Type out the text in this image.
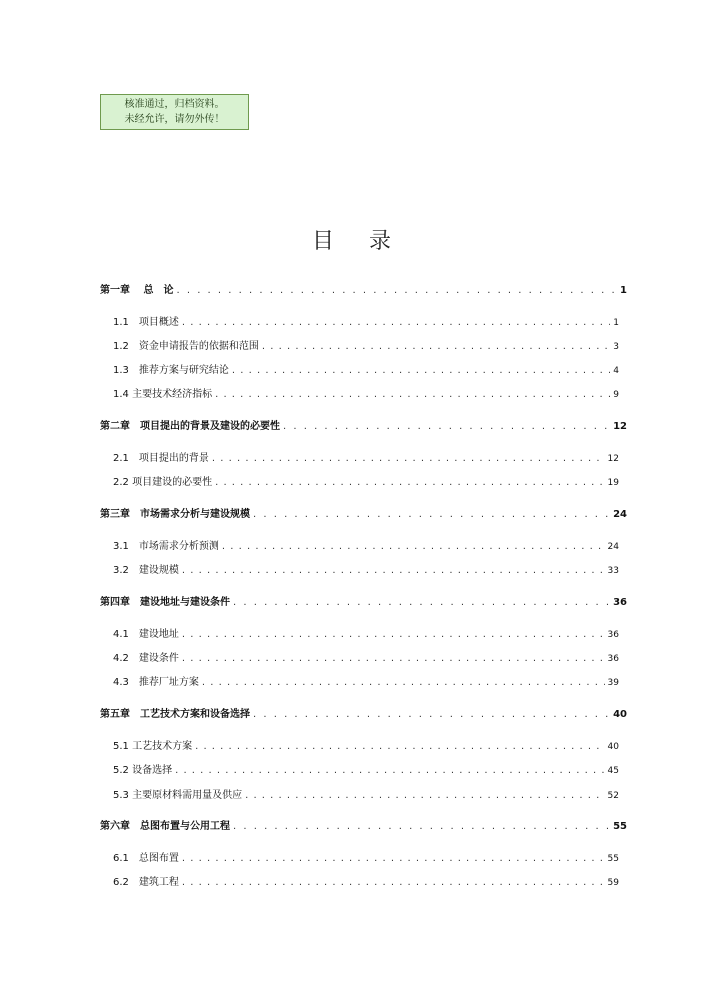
核准通过，归档资料。
未经允许，请勿外传！
目 录
第一章　 总　论 . . .	1
1.1　项目概述 . . .	1
1.2　资金申请报告的依据和范围 . . .	3
1.3　推荐方案与研究结论 . . .	4
1.4 主要技术经济指标 . . .	9
第二章　项目提出的背景及建设的必要性 . . .	12
2.1　项目提出的背景 . . .	12
2.2 项目建设的必要性 . . .	19
第三章　市场需求分析与建设规模 . . .	24
3.1　市场需求分析预测 . . .	24
3.2　建设规模 . . .	33
第四章　建设地址与建设条件 . . .	36
4.1　建设地址 . . .	36
4.2　建设条件 . . .	36
4.3　推荐厂址方案 . . .	39
第五章　工艺技术方案和设备选择 . . .	40
5.1 工艺技术方案 . . .	40
5.2 设备选择 . . .	45
5.3 主要原材料需用量及供应 . . .	52
第六章　总图布置与公用工程 . . .	55
6.1　总图布置 . . .	55
6.2　建筑工程 . . .	59
